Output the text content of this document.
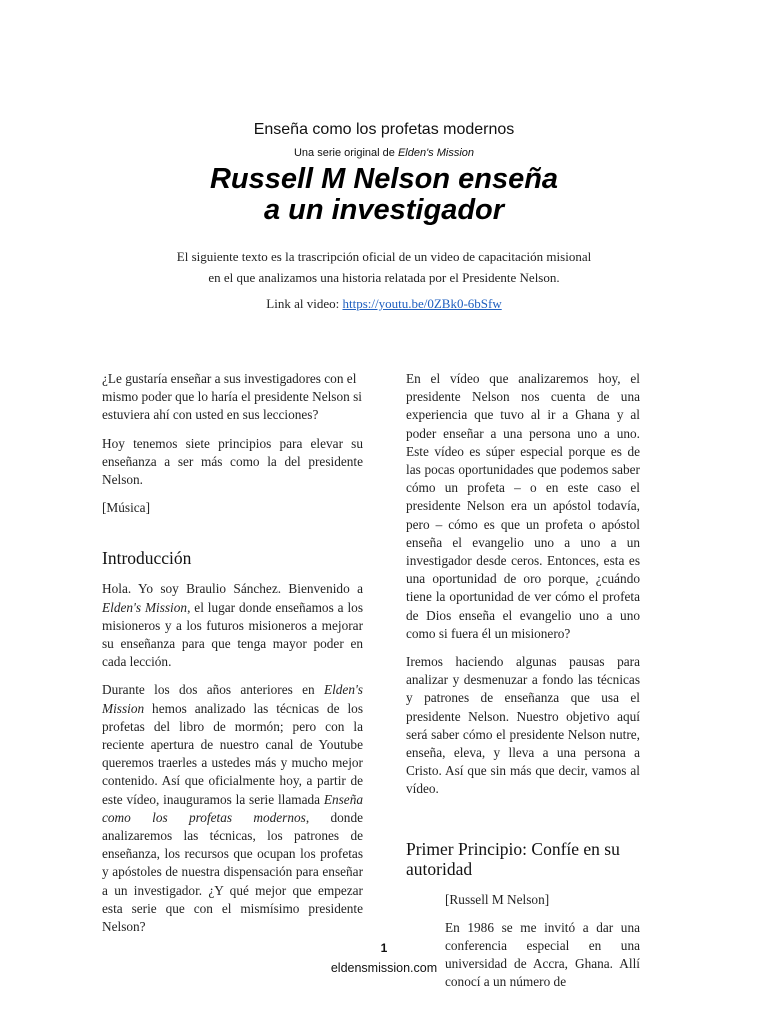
Enseña como los profetas modernos
Una serie original de Elden's Mission
Russell M Nelson enseña
a un investigador
El siguiente texto es la trascripción oficial de un video de capacitación misional
en el que analizamos una historia relatada por el Presidente Nelson.
Link al video: https://youtu.be/0ZBk0-6bSfw

¿Le gustaría enseñar a sus investigadores con el mismo poder que lo haría el presidente Nelson si estuviera ahí con usted en sus lecciones?

Hoy tenemos siete principios para elevar su enseñanza a ser más como la del presidente Nelson.

[Música]

Introducción

Hola. Yo soy Braulio Sánchez. Bienvenido a Elden's Mission, el lugar donde enseñamos a los misioneros y a los futuros misioneros a mejorar su enseñanza para que tenga mayor poder en cada lección.

Durante los dos años anteriores en Elden's Mission hemos analizado las técnicas de los profetas del libro de mormón; pero con la reciente apertura de nuestro canal de Youtube queremos traerles a ustedes más y mucho mejor contenido. Así que oficialmente hoy, a partir de este vídeo, inauguramos la serie llamada Enseña como los profetas modernos, donde analizaremos las técnicas, los patrones de enseñanza, los recursos que ocupan los profetas y apóstoles de nuestra dispensación para enseñar a un investigador. ¿Y qué mejor que empezar esta serie que con el mismísimo presidente Nelson?

En el vídeo que analizaremos hoy, el presidente Nelson nos cuenta de una experiencia que tuvo al ir a Ghana y al poder enseñar a una persona uno a uno. Este vídeo es súper especial porque es de las pocas oportunidades que podemos saber cómo un profeta – o en este caso el presidente Nelson era un apóstol todavía, pero – cómo es que un profeta o apóstol enseña el evangelio uno a uno a un investigador desde ceros. Entonces, esta es una oportunidad de oro porque, ¿cuándo tiene la oportunidad de ver cómo el profeta de Dios enseña el evangelio uno a uno como si fuera él un misionero?

Iremos haciendo algunas pausas para analizar y desmenuzar a fondo las técnicas y patrones de enseñanza que usa el presidente Nelson. Nuestro objetivo aquí será saber cómo el presidente Nelson nutre, enseña, eleva, y lleva a una persona a Cristo. Así que sin más que decir, vamos al vídeo.

Primer Principio: Confíe en su autoridad

[Russell M Nelson]

En 1986 se me invitó a dar una conferencia especial en una universidad de Accra, Ghana. Allí conocí a un número de

1
eldensmission.com
